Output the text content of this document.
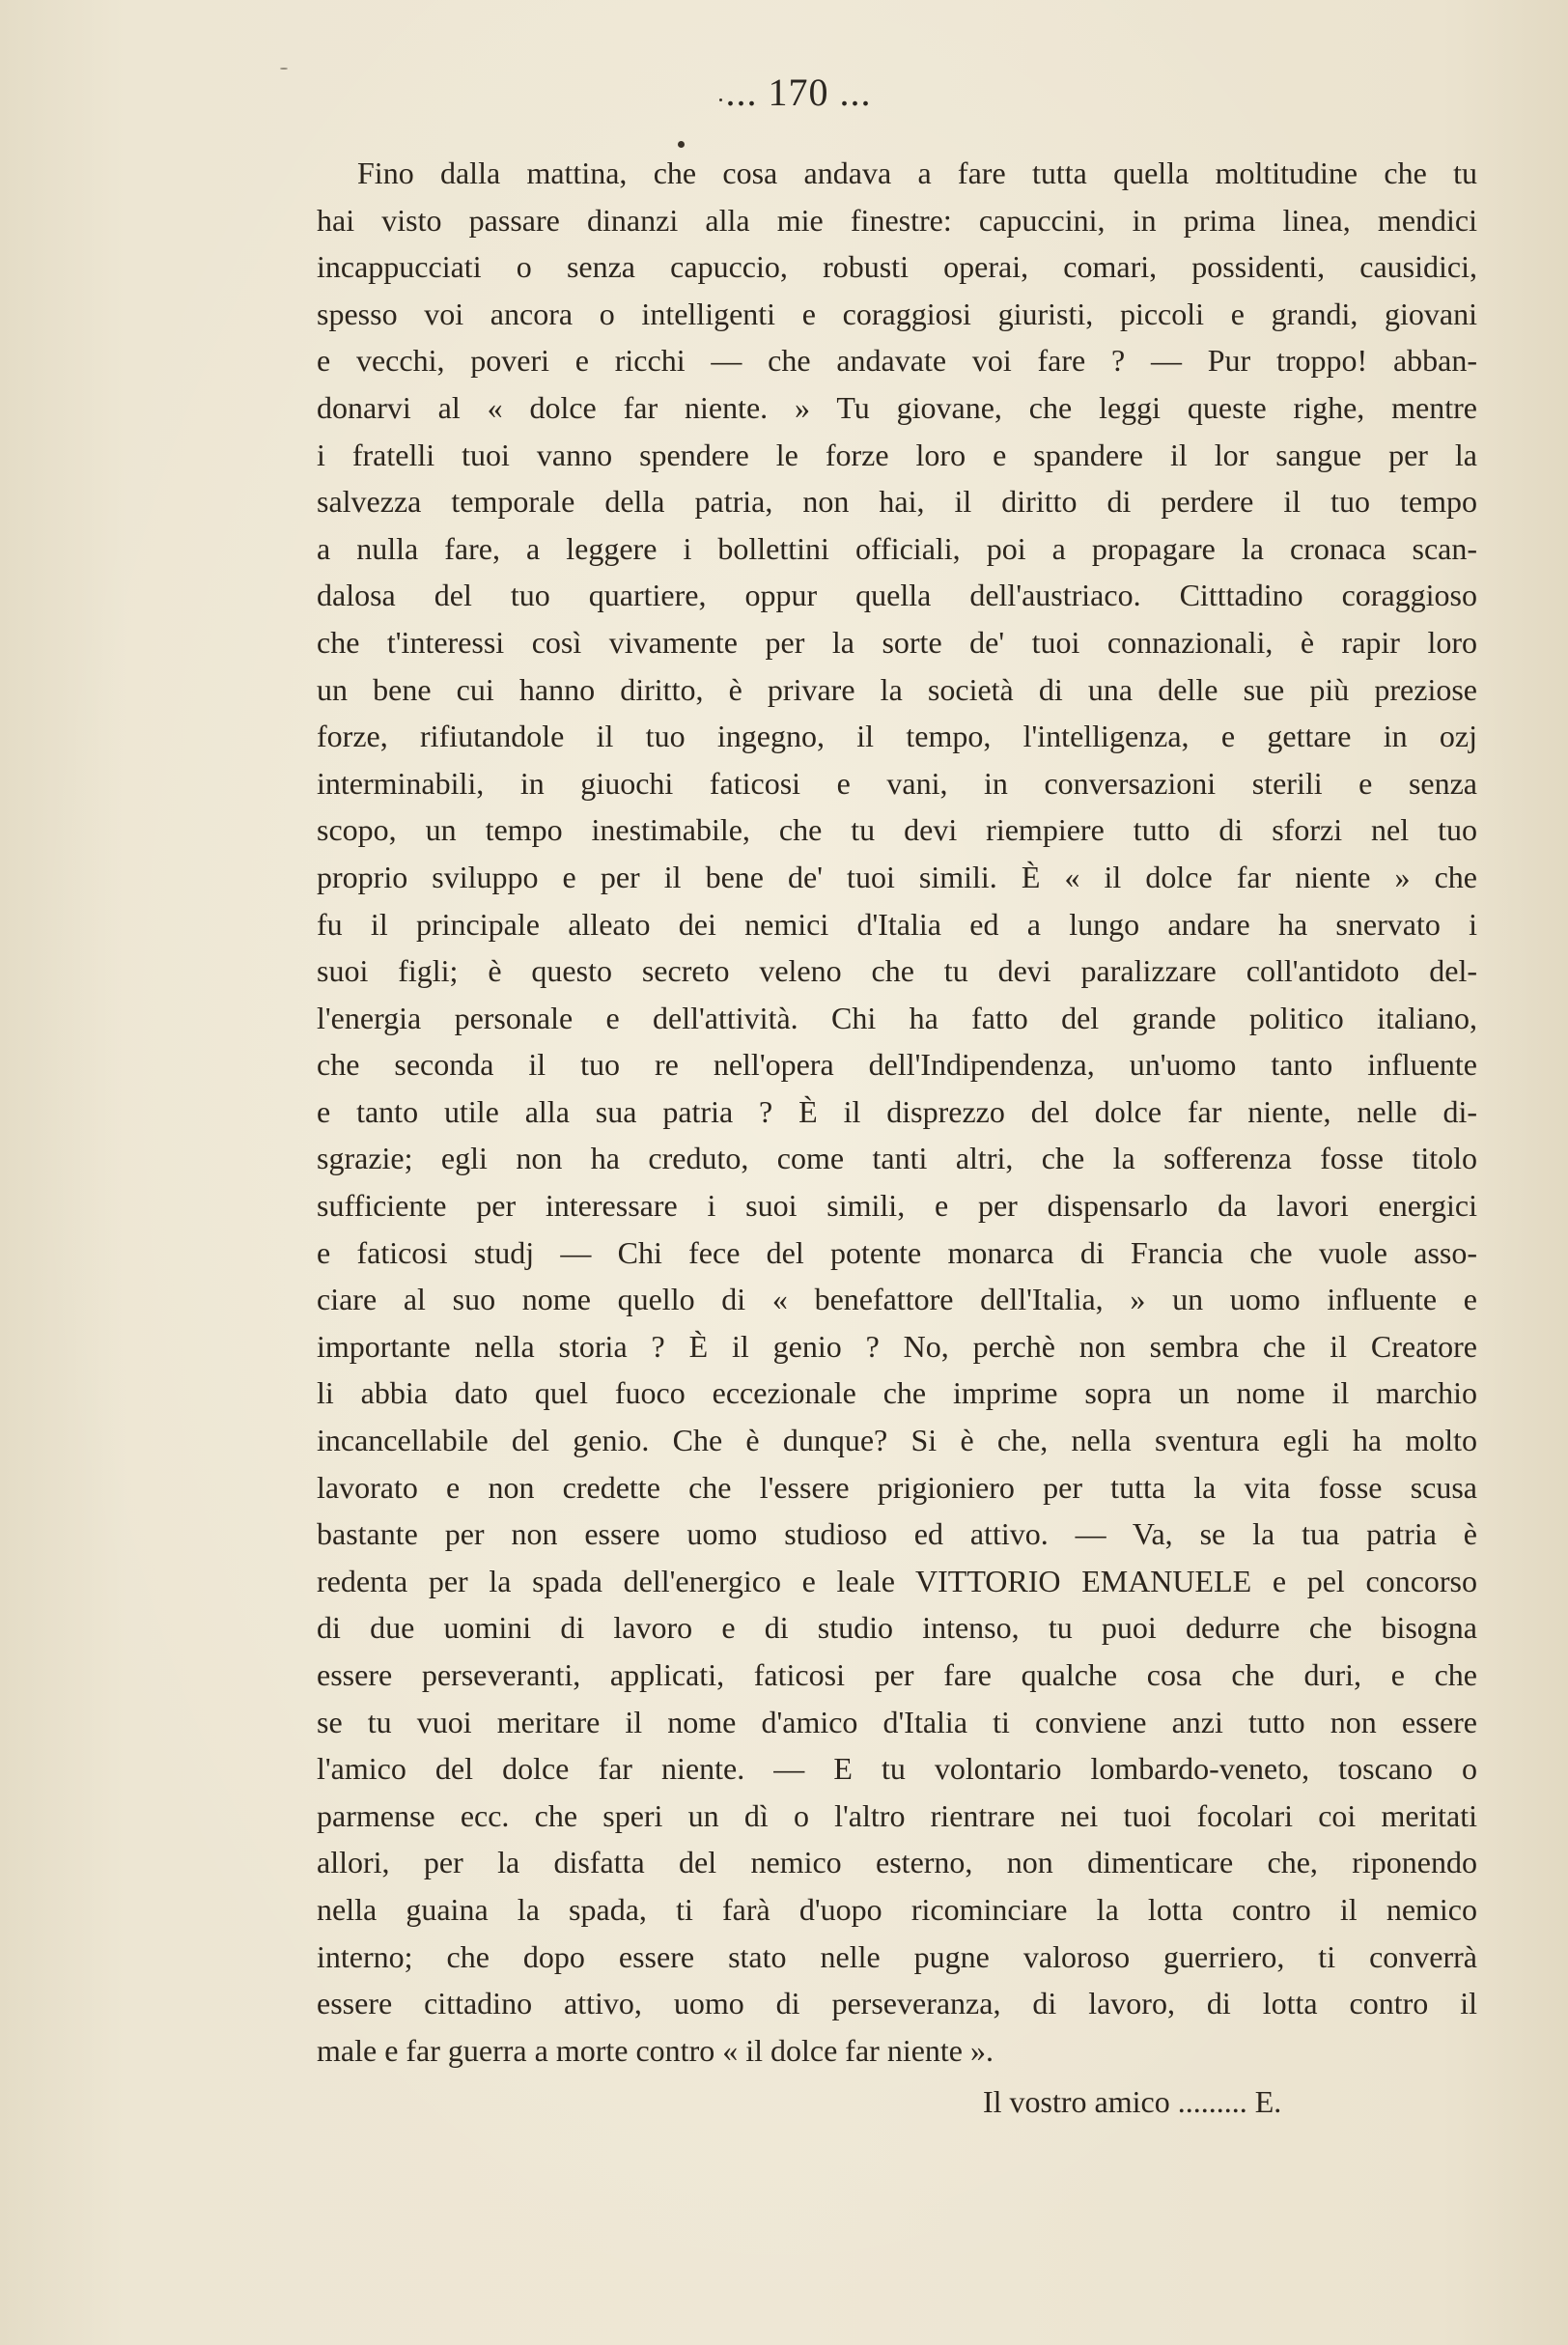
... 170 ...
Fino dalla mattina, che cosa andava a fare tutta quella moltitudine che tu
hai visto passare dinanzi alla mie finestre: capuccini, in prima linea, mendici
incappucciati o senza capuccio, robusti operai, comari, possidenti, causidici,
spesso voi ancora o intelligenti e coraggiosi giuristi, piccoli e grandi, giovani
e vecchi, poveri e ricchi — che andavate voi fare ? — Pur troppo! abban-
donarvi al « dolce far niente. » Tu giovane, che leggi queste righe, mentre
i fratelli tuoi vanno spendere le forze loro e spandere il lor sangue per la
salvezza temporale della patria, non hai, il diritto di perdere il tuo tempo
a nulla fare, a leggere i bollettini officiali, poi a propagare la cronaca scan-
dalosa del tuo quartiere, oppur quella dell'austriaco. Citttadino coraggioso
che t'interessi così vivamente per la sorte de' tuoi connazionali, è rapir loro
un bene cui hanno diritto, è privare la società di una delle sue più preziose
forze, rifiutandole il tuo ingegno, il tempo, l'intelligenza, e gettare in ozj
interminabili, in giuochi faticosi e vani, in conversazioni sterili e senza
scopo, un tempo inestimabile, che tu devi riempiere tutto di sforzi nel tuo
proprio sviluppo e per il bene de' tuoi simili. È « il dolce far niente » che
fu il principale alleato dei nemici d'Italia ed a lungo andare ha snervato i
suoi figli; è questo secreto veleno che tu devi paralizzare coll'antidoto del-
l'energia personale e dell'attività. Chi ha fatto del grande politico italiano,
che seconda il tuo re nell'opera dell'Indipendenza, un'uomo tanto influente
e tanto utile alla sua patria ? È il disprezzo del dolce far niente, nelle di-
sgrazie; egli non ha creduto, come tanti altri, che la sofferenza fosse titolo
sufficiente per interessare i suoi simili, e per dispensarlo da lavori energici
e faticosi studj — Chi fece del potente monarca di Francia che vuole asso-
ciare al suo nome quello di « benefattore dell'Italia, » un uomo influente e
importante nella storia ? È il genio ? No, perchè non sembra che il Creatore
li abbia dato quel fuoco eccezionale che imprime sopra un nome il marchio
incancellabile del genio. Che è dunque? Si è che, nella sventura egli ha molto
lavorato e non credette che l'essere prigioniero per tutta la vita fosse scusa
bastante per non essere uomo studioso ed attivo. — Va, se la tua patria è
redenta per la spada dell'energico e leale VITTORIO EMANUELE e pel concorso
di due uomini di lavoro e di studio intenso, tu puoi dedurre che bisogna
essere perseveranti, applicati, faticosi per fare qualche cosa che duri, e che
se tu vuoi meritare il nome d'amico d'Italia ti conviene anzi tutto non essere
l'amico del dolce far niente. — E tu volontario lombardo-veneto, toscano o
parmense ecc. che speri un dì o l'altro rientrare nei tuoi focolari coi meritati
allori, per la disfatta del nemico esterno, non dimenticare che, riponendo
nella guaina la spada, ti farà d'uopo ricominciare la lotta contro il nemico
interno; che dopo essere stato nelle pugne valoroso guerriero, ti converrà
essere cittadino attivo, uomo di perseveranza, di lavoro, di lotta contro il
male e far guerra a morte contro « il dolce far niente ».
Il vostro amico ......... E.
